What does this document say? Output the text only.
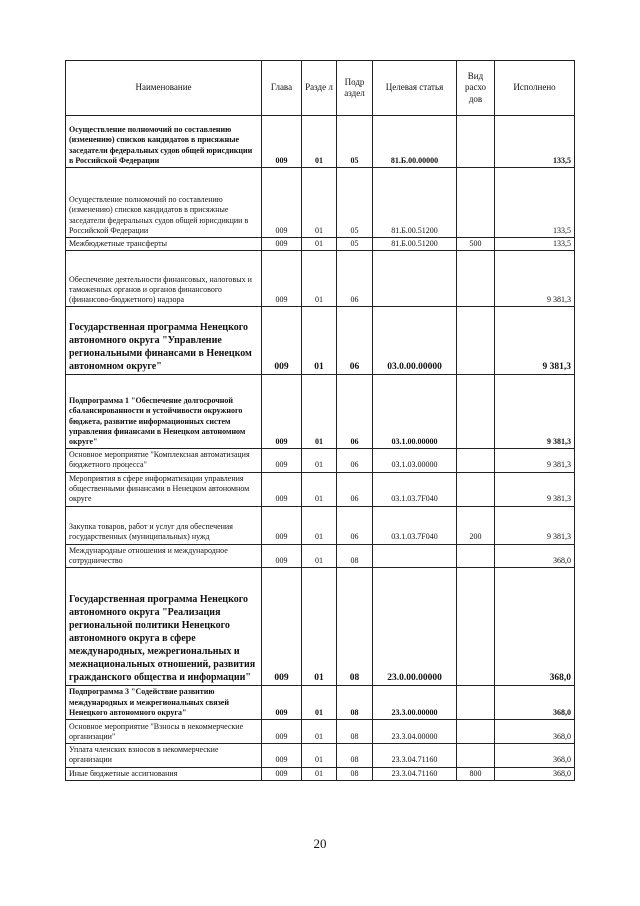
Наименование	Глава	Разде л	Подр аздел	Целевая статья	Вид расхо дов	Исполнено
Осуществление полномочий по составлению (изменению) списков кандидатов в присяжные заседатели федеральных судов общей юрисдикции в Российской Федерации	009	01	05	81.Б.00.00000		133,5
Осуществление полномочий по составлению (изменению) списков кандидатов в присяжные заседатели федеральных судов общей юрисдикции в Российской Федерации	009	01	05	81.Б.00.51200		133,5
Межбюджетные трансферты	009	01	05	81.Б.00.51200	500	133,5
Обеспечение деятельности финансовых, налоговых и таможенных органов и органов финансового (финансово-бюджетного) надзора	009	01	06			9 381,3
Государственная программа Ненецкого автономного округа "Управление региональными финансами в Ненецком автономном округе"	009	01	06	03.0.00.00000		9 381,3
Подпрограмма 1 "Обеспечение долгосрочной сбалансированности и устойчивости окружного бюджета, развитие информационных систем управления финансами в Ненецком автономном округе"	009	01	06	03.1.00.00000		9 381,3
Основное мероприятие "Комплексная автоматизация бюджетного процесса"	009	01	06	03.1.03.00000		9 381,3
Мероприятия в сфере информатизации управления общественными финансами в Ненецком автономном округе	009	01	06	03.1.03.7F040		9 381,3
Закупка товаров, работ и услуг для обеспечения государственных (муниципальных) нужд	009	01	06	03.1.03.7F040	200	9 381,3
Международные отношения и международное сотрудничество	009	01	08			368,0
Государственная программа Ненецкого автономного округа "Реализация региональной политики Ненецкого автономного округа в сфере международных, межрегиональных и межнациональных отношений, развития гражданского общества и информации"	009	01	08	23.0.00.00000		368,0
Подпрограмма 3 "Содействие развитию международных и межрегиональных связей Ненецкого автономного округа"	009	01	08	23.3.00.00000		368,0
Основное мероприятие "Взносы в некоммерческие организации"	009	01	08	23.3.04.00000		368,0
Уплата членских взносов в некоммерческие организации	009	01	08	23.3.04.71160		368,0
Иные бюджетные ассигнования	009	01	08	23.3.04.71160	800	368,0
20
